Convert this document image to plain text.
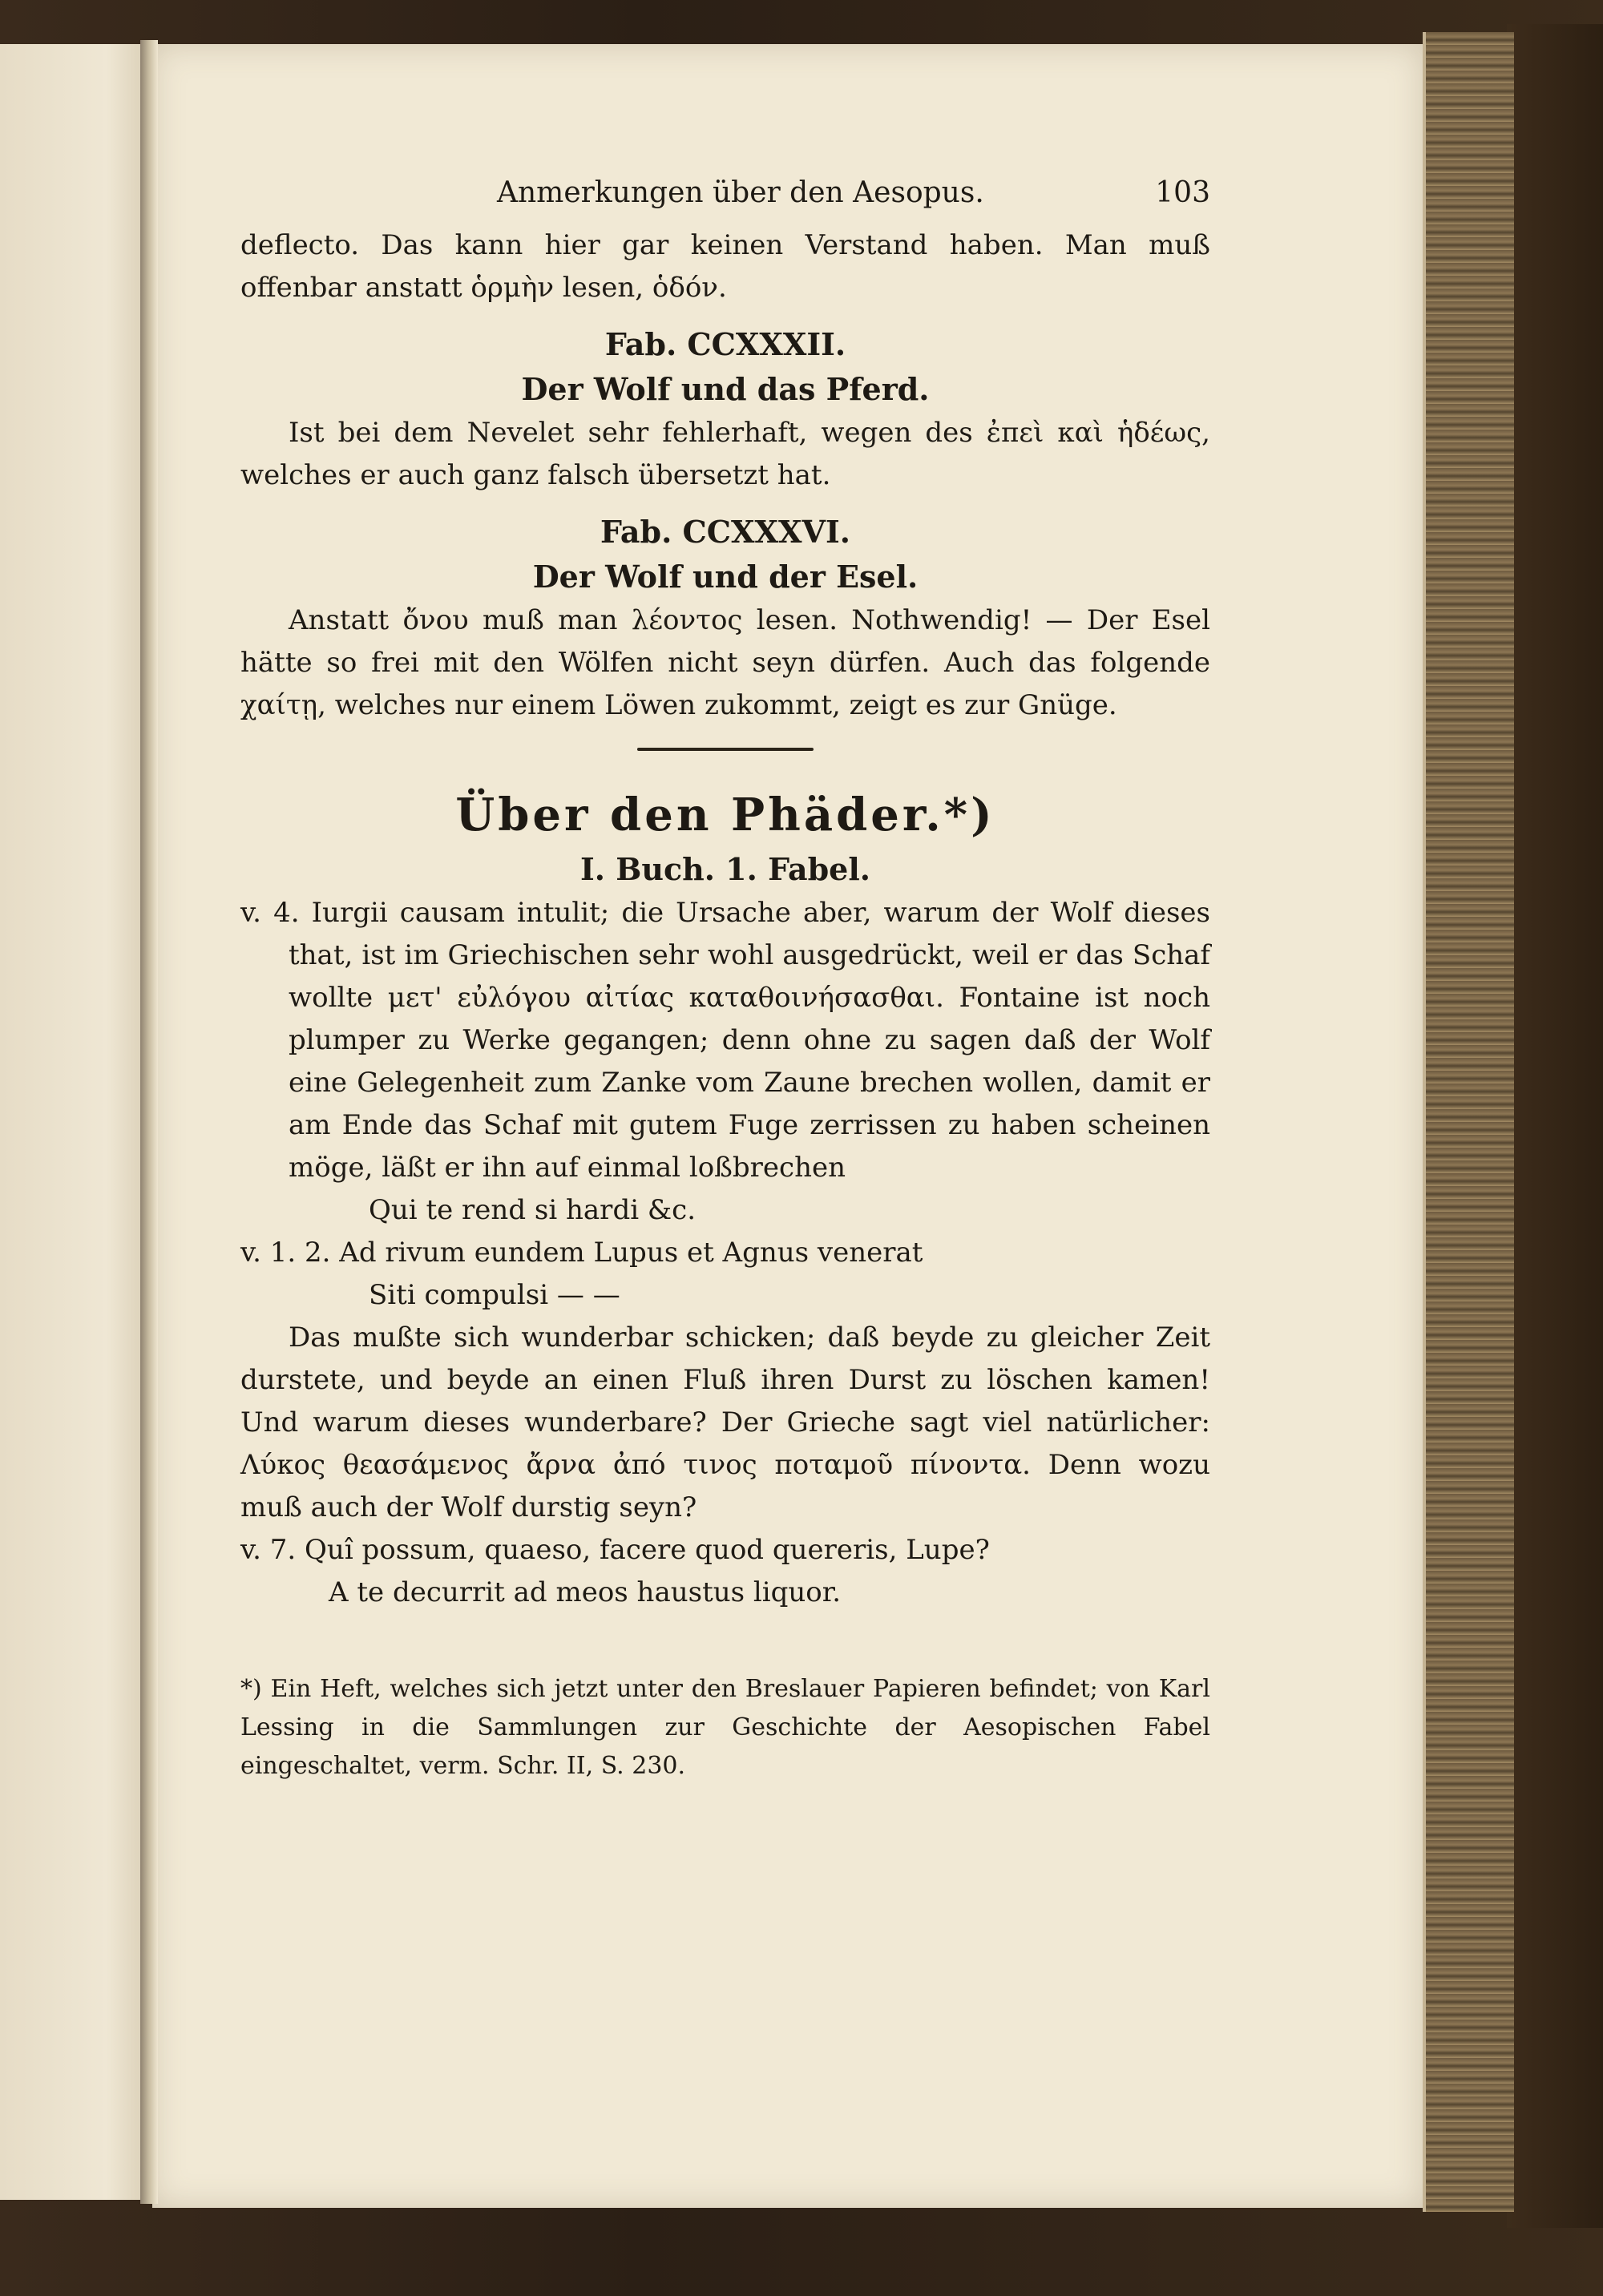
Anmerkungen über den Aesopus.	103

deflecto. Das kann hier gar keinen Verstand haben. Man muß offenbar anstatt ὁρμὴν lesen, ὁδόν.

Fab. CCXXXII.
Der Wolf und das Pferd.

Ist bei dem Nevelet sehr fehlerhaft, wegen des ἐπεὶ καὶ ἡδέως, welches er auch ganz falsch übersetzt hat.

Fab. CCXXXVI.
Der Wolf und der Esel.

Anstatt ὄνου muß man λέοντος lesen. Nothwendig! — Der Esel hätte so frei mit den Wölfen nicht seyn dürfen. Auch das folgende χαίτῃ, welches nur einem Löwen zukommt, zeigt es zur Gnüge.

Über den Phäder.*)
I. Buch. 1. Fabel.

v. 4. Iurgii causam intulit; die Ursache aber, warum der Wolf dieses that, ist im Griechischen sehr wohl ausgedrückt, weil er das Schaf wollte μετ' εὐλόγου αἰτίας καταθοινήσασθαι. Fontaine ist noch plumper zu Werke gegangen; denn ohne zu sagen daß der Wolf eine Gelegenheit zum Zanke vom Zaune brechen wollen, damit er am Ende das Schaf mit gutem Fuge zerrissen zu haben scheinen möge, läßt er ihn auf einmal loßbrechen

Qui te rend si hardi &c.

v. 1. 2. Ad rivum eundem Lupus et Agnus venerat

Siti compulsi — —

Das mußte sich wunderbar schicken; daß beyde zu gleicher Zeit durstete, und beyde an einen Fluß ihren Durst zu löschen kamen! Und warum dieses wunderbare? Der Grieche sagt viel natürlicher: Λύκος θεασάμενος ἄρνα ἀπό τινος ποταμοῦ πίνοντα. Denn wozu muß auch der Wolf durstig seyn?

v. 7. Quî possum, quaeso, facere quod quereris, Lupe?

A te decurrit ad meos haustus liquor.

*) Ein Heft, welches sich jetzt unter den Breslauer Papieren befindet; von Karl Lessing in die Sammlungen zur Geschichte der Aesopischen Fabel eingeschaltet, verm. Schr. II, S. 230.
